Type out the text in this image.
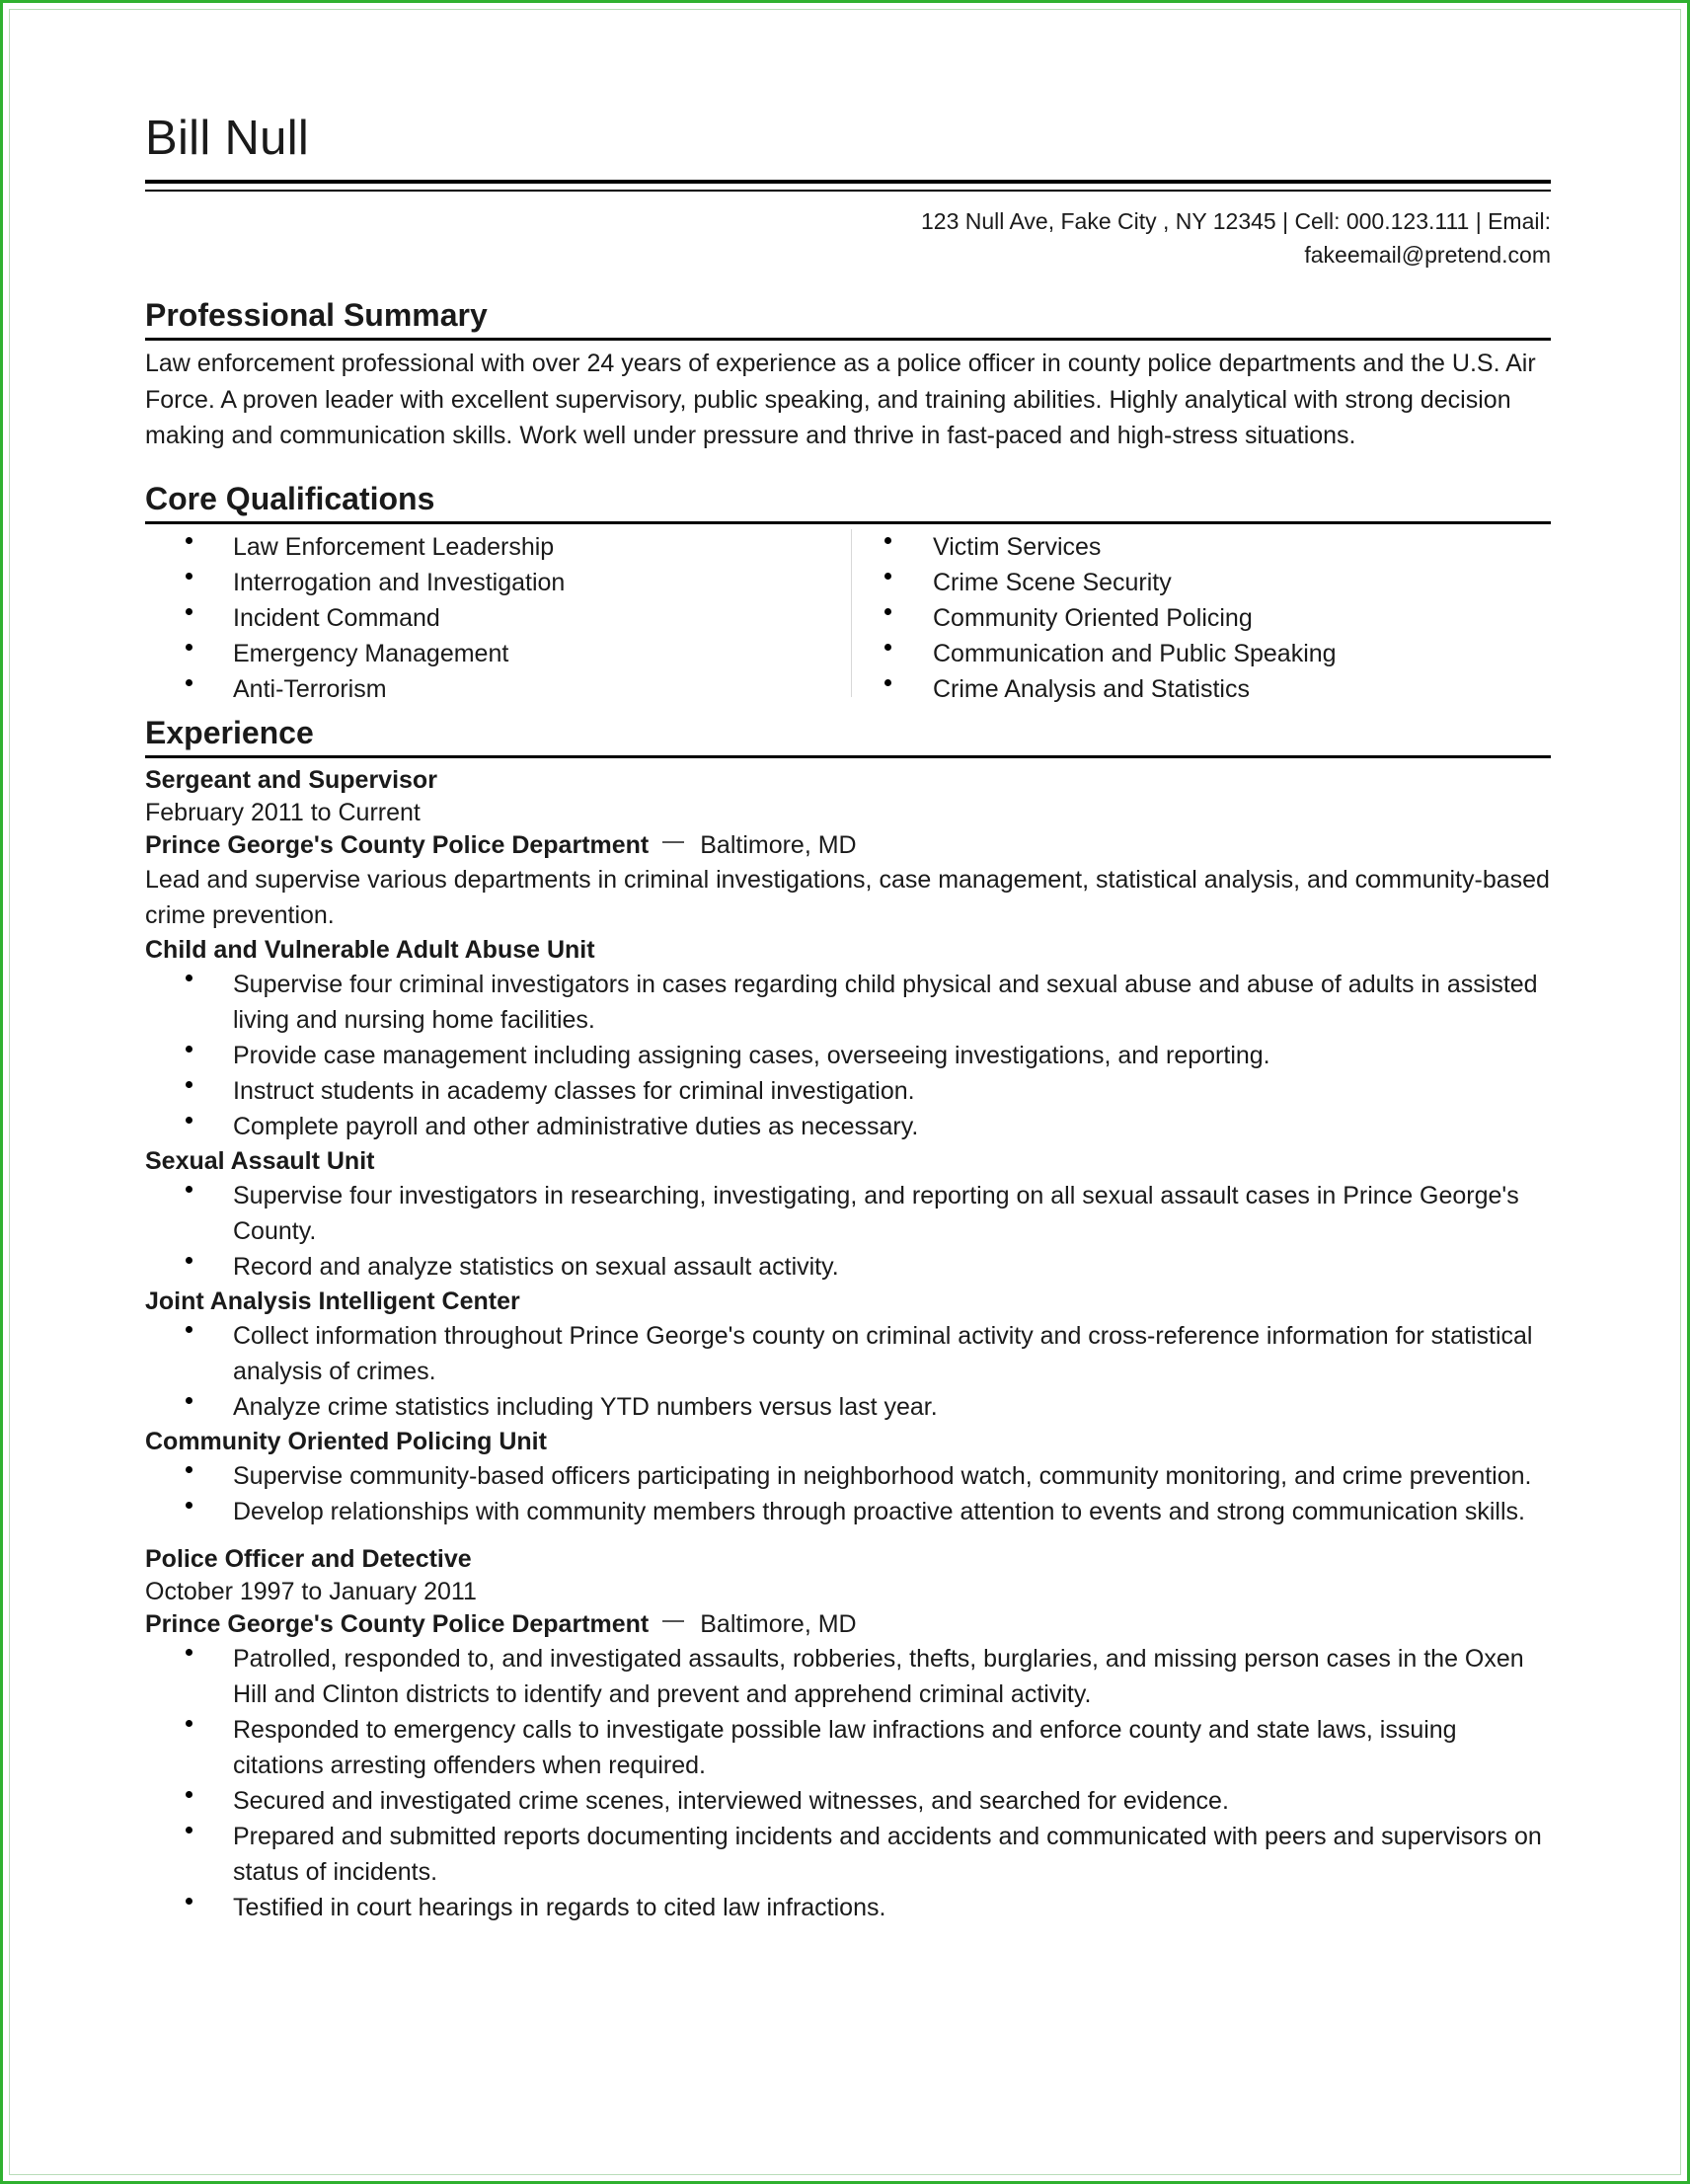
Bill Null
123 Null Ave, Fake City , NY 12345 | Cell: 000.123.111 | Email:
fakeemail@pretend.com
Professional Summary
Law enforcement professional with over 24 years of experience as a police officer in county police departments and the U.S. Air Force. A proven leader with excellent supervisory, public speaking, and training abilities. Highly analytical with strong decision making and communication skills. Work well under pressure and thrive in fast-paced and high-stress situations.
Core Qualifications
Law Enforcement Leadership
Interrogation and Investigation
Incident Command
Emergency Management
Anti-Terrorism
Victim Services
Crime Scene Security
Community Oriented Policing
Communication and Public Speaking
Crime Analysis and Statistics
Experience
Sergeant and Supervisor
February 2011 to Current
Prince George's County Police Department Baltimore, MD
Lead and supervise various departments in criminal investigations, case management, statistical analysis, and community-based crime prevention.
Child and Vulnerable Adult Abuse Unit
Supervise four criminal investigators in cases regarding child physical and sexual abuse and abuse of adults in assisted living and nursing home facilities.
Provide case management including assigning cases, overseeing investigations, and reporting.
Instruct students in academy classes for criminal investigation.
Complete payroll and other administrative duties as necessary.
Sexual Assault Unit
Supervise four investigators in researching, investigating, and reporting on all sexual assault cases in Prince George's County.
Record and analyze statistics on sexual assault activity.
Joint Analysis Intelligent Center
Collect information throughout Prince George's county on criminal activity and cross-reference information for statistical analysis of crimes.
Analyze crime statistics including YTD numbers versus last year.
Community Oriented Policing Unit
Supervise community-based officers participating in neighborhood watch, community monitoring, and crime prevention.
Develop relationships with community members through proactive attention to events and strong communication skills.
Police Officer and Detective
October 1997 to January 2011
Prince George's County Police Department Baltimore, MD
Patrolled, responded to, and investigated assaults, robberies, thefts, burglaries, and missing person cases in the Oxen Hill and Clinton districts to identify and prevent and apprehend criminal activity.
Responded to emergency calls to investigate possible law infractions and enforce county and state laws, issuing citations arresting offenders when required.
Secured and investigated crime scenes, interviewed witnesses, and searched for evidence.
Prepared and submitted reports documenting incidents and accidents and communicated with peers and supervisors on status of incidents.
Testified in court hearings in regards to cited law infractions.
